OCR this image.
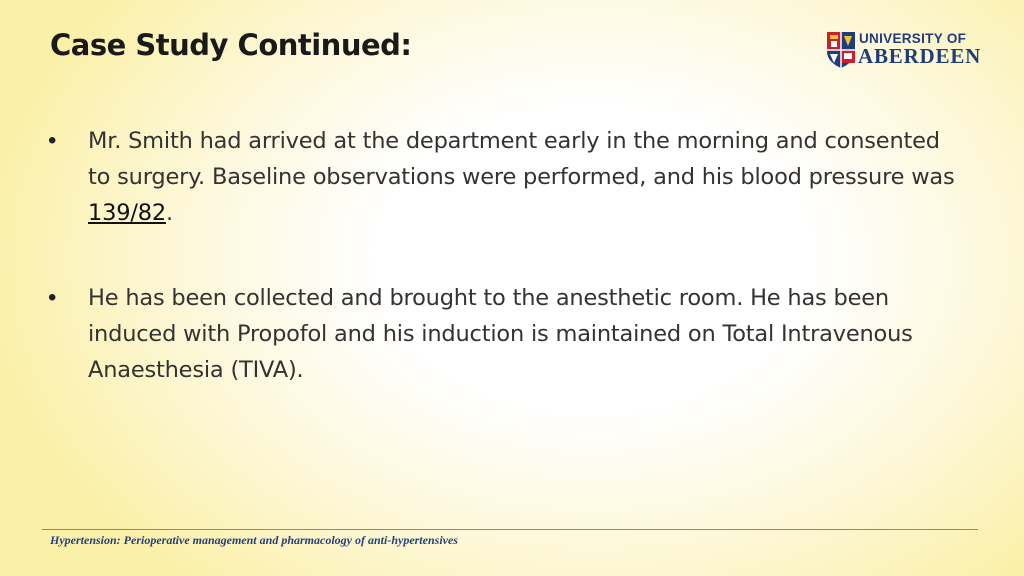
Case Study Continued:	UNIVERSITY OF
ABERDEEN
•	Mr. Smith had arrived at the department early in the morning and consented to surgery. Baseline observations were performed, and his blood pressure was 139/82.
•	He has been collected and brought to the anesthetic room. He has been induced with Propofol and his induction is maintained on Total Intravenous Anaesthesia (TIVA).
Hypertension: Perioperative management and pharmacology of anti-hypertensives
